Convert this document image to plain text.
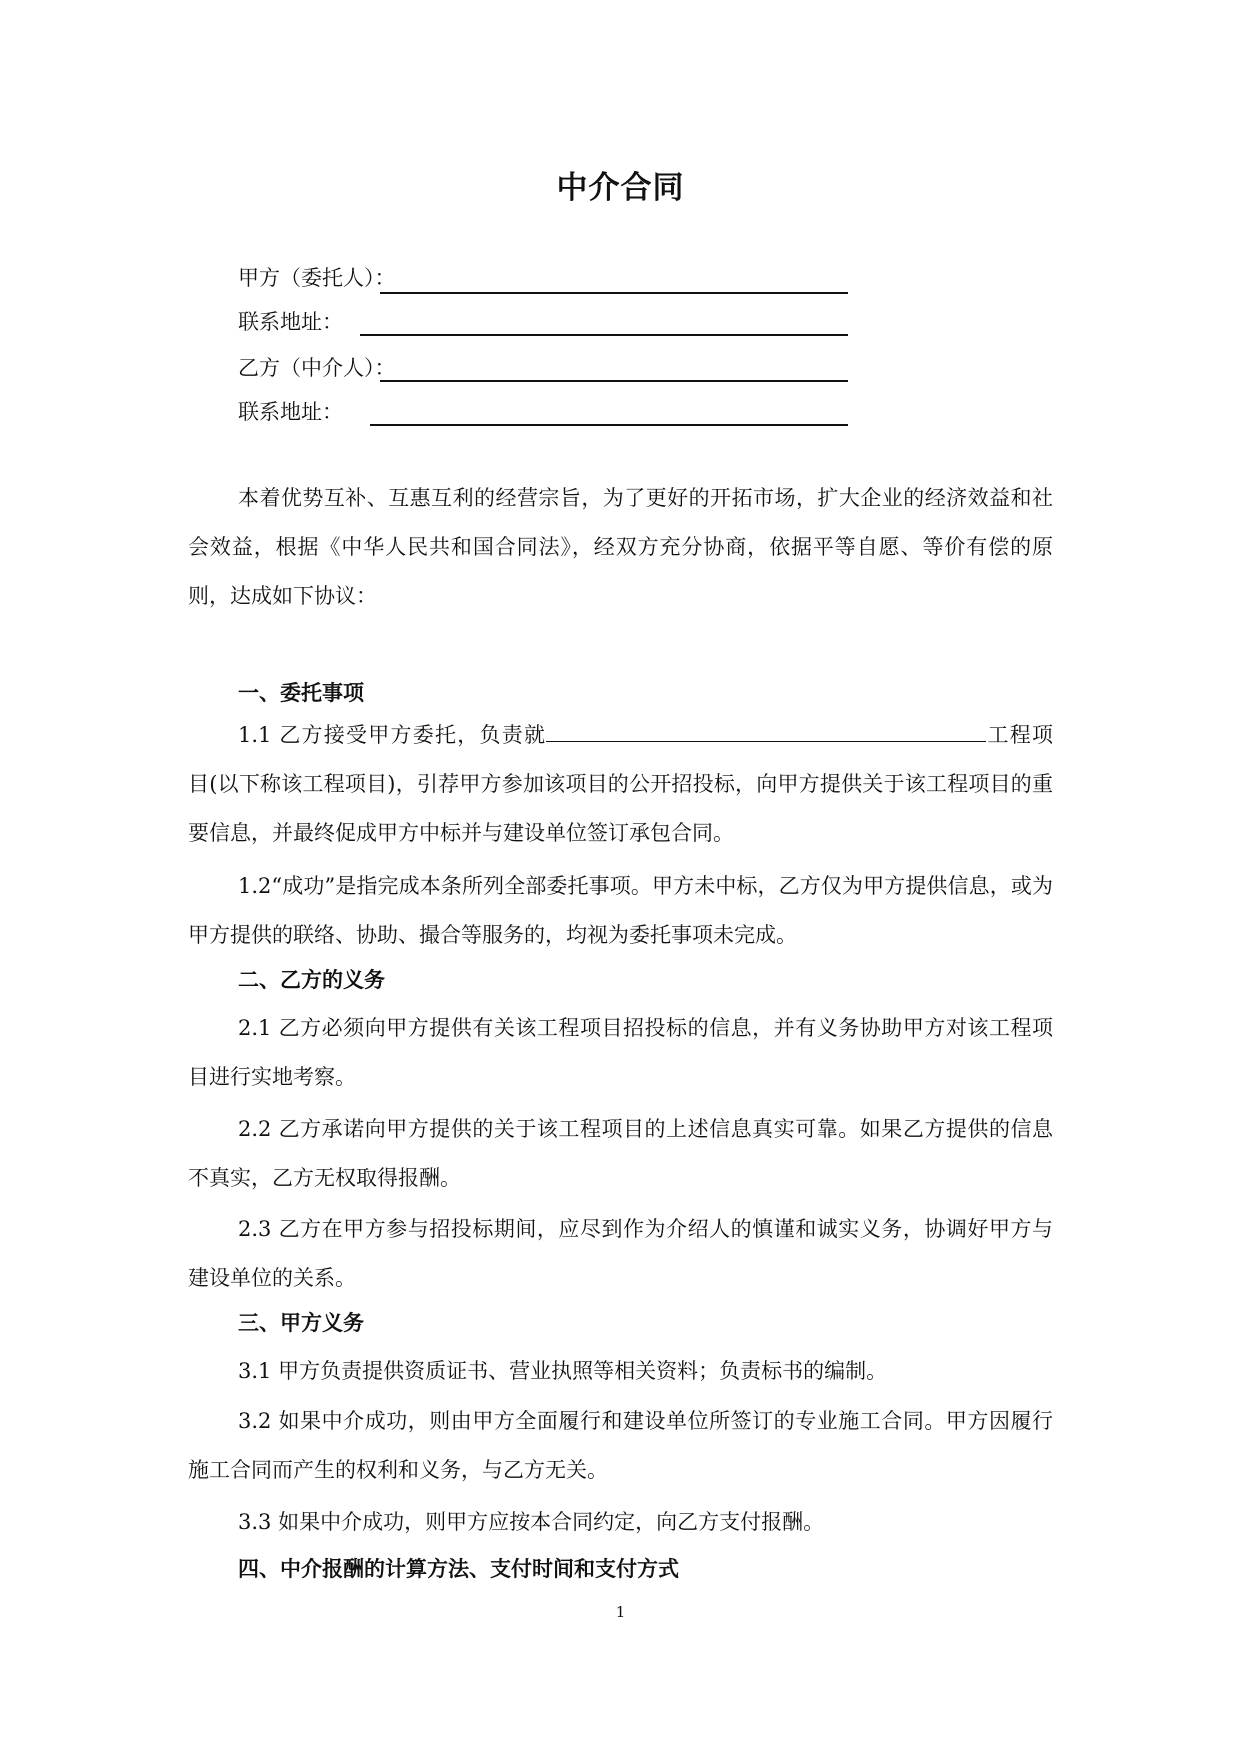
中介合同
甲方（委托人）：
联系地址：
乙方（中介人）：
联系地址：

本着优势互补、互惠互利的经营宗旨，为了更好的开拓市场，扩大企业的经济效益和社会效益，根据《中华人民共和国合同法》，经双方充分协商，依据平等自愿、等价有偿的原则，达成如下协议：

一、委托事项

1.1 乙方接受甲方委托，负责就	工程项目(以下称该工程项目)，引荐甲方参加该项目的公开招投标，向甲方提供关于该工程项目的重要信息，并最终促成甲方中标并与建设单位签订承包合同。

1.2“成功”是指完成本条所列全部委托事项。甲方未中标，乙方仅为甲方提供信息，或为甲方提供的联络、协助、撮合等服务的，均视为委托事项未完成。

二、乙方的义务

2.1 乙方必须向甲方提供有关该工程项目招投标的信息，并有义务协助甲方对该工程项目进行实地考察。

2.2 乙方承诺向甲方提供的关于该工程项目的上述信息真实可靠。如果乙方提供的信息不真实，乙方无权取得报酬。

2.3 乙方在甲方参与招投标期间，应尽到作为介绍人的慎谨和诚实义务，协调好甲方与建设单位的关系。

三、甲方义务

3.1 甲方负责提供资质证书、营业执照等相关资料；负责标书的编制。

3.2 如果中介成功，则由甲方全面履行和建设单位所签订的专业施工合同。甲方因履行施工合同而产生的权利和义务，与乙方无关。

3.3 如果中介成功，则甲方应按本合同约定，向乙方支付报酬。

四、中介报酬的计算方法、支付时间和支付方式

1
